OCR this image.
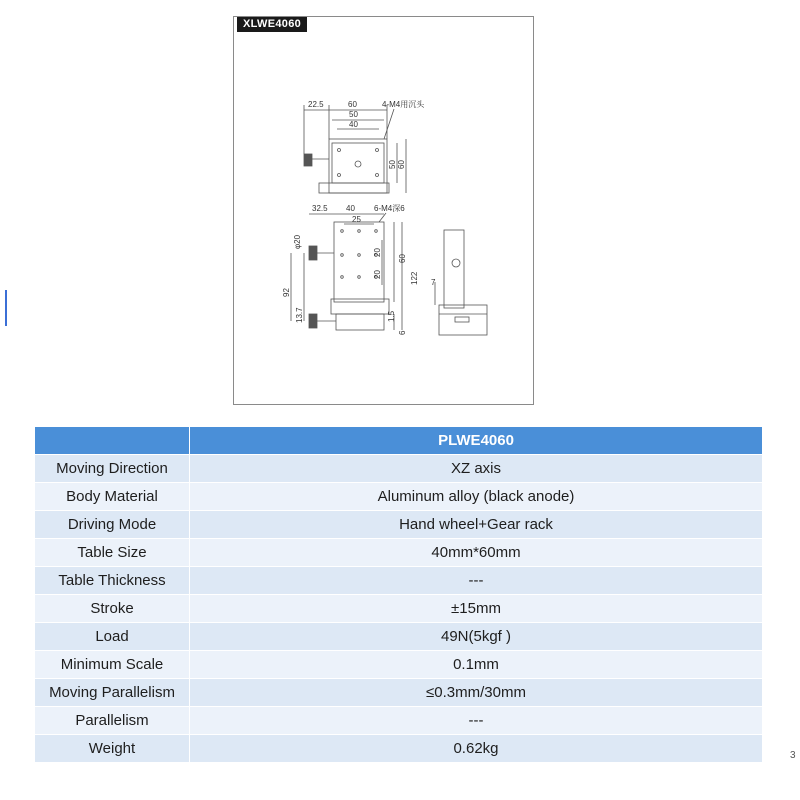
XLWE4060
22.5	60
50
40
4-M4用沉头
50 60
32.5 40
25
6-M4深6
φ20
20
20
60
122
92
13.7	1.5
6
7
	PLWE4060
Moving Direction	XZ axis
Body Material	Aluminum alloy (black anode)
Driving Mode	Hand wheel+Gear rack
Table Size	40mm*60mm
Table Thickness	---
Stroke	±15mm
Load	49N(5kgf )
Minimum Scale	0.1mm
Moving Parallelism	≤0.3mm/30mm
Parallelism	---
Weight	0.62kg	3
